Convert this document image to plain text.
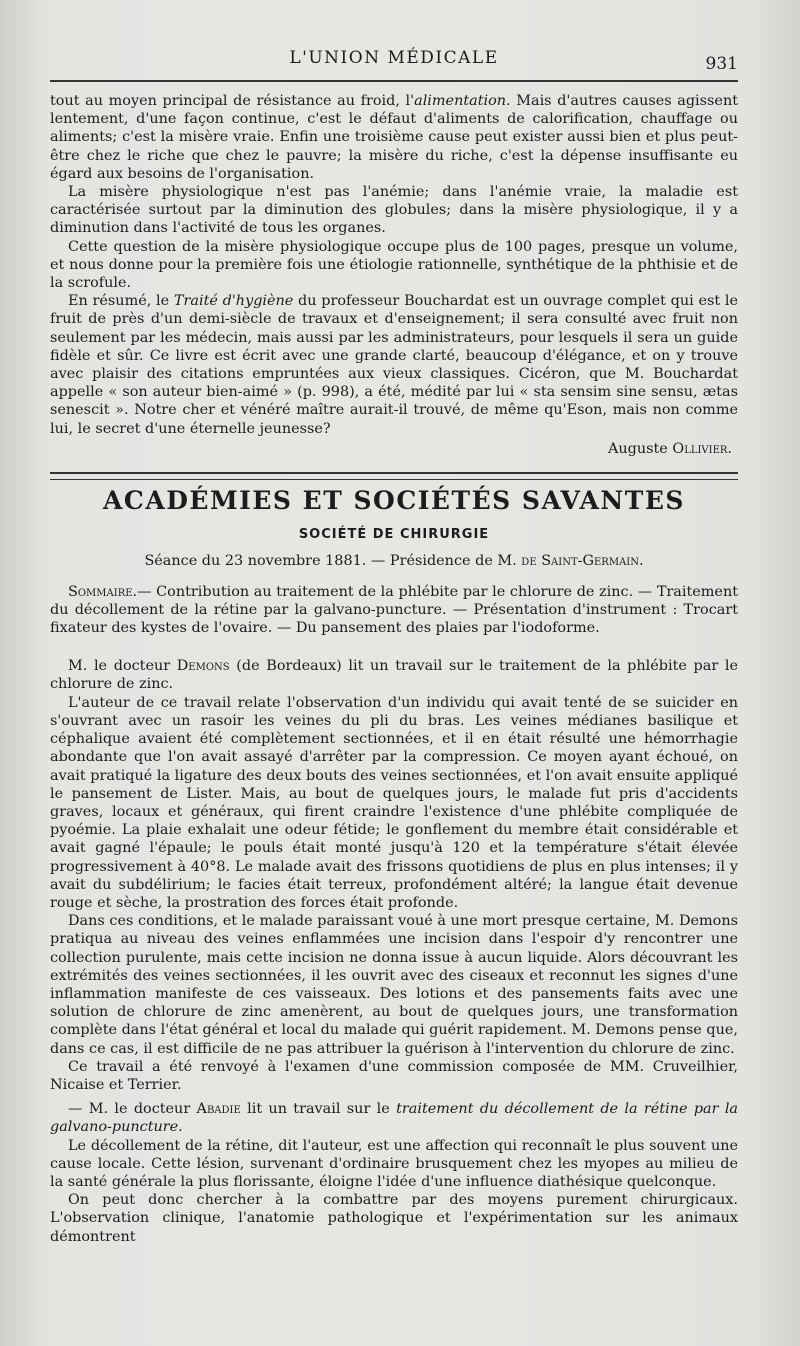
L'UNION MÉDICALE	931

tout au moyen principal de résistance au froid, l'alimentation. Mais d'autres causes agissent lentement, d'une façon continue, c'est le défaut d'aliments de calorification, chauffage ou aliments; c'est la misère vraie. Enfin une troisième cause peut exister aussi bien et plus peut-être chez le riche que chez le pauvre; la misère du riche, c'est la dépense insuffisante eu égard aux besoins de l'organisation.

La misère physiologique n'est pas l'anémie; dans l'anémie vraie, la maladie est caractérisée surtout par la diminution des globules; dans la misère physiologique, il y a diminution dans l'activité de tous les organes.

Cette question de la misère physiologique occupe plus de 100 pages, presque un volume, et nous donne pour la première fois une étiologie rationnelle, synthétique de la phthisie et de la scrofule.

En résumé, le Traité d'hygiène du professeur Bouchardat est un ouvrage complet qui est le fruit de près d'un demi-siècle de travaux et d'enseignement; il sera consulté avec fruit non seulement par les médecin, mais aussi par les administrateurs, pour lesquels il sera un guide fidèle et sûr. Ce livre est écrit avec une grande clarté, beaucoup d'élégance, et on y trouve avec plaisir des citations empruntées aux vieux classiques. Cicéron, que M. Bouchardat appelle « son auteur bien-aimé » (p. 998), a été, médité par lui « sta sensim sine sensu, ætas senescit ». Notre cher et vénéré maître aurait-il trouvé, de même qu'Eson, mais non comme lui, le secret d'une éternelle jeunesse?

Auguste Ollivier.
ACADÉMIES ET SOCIÉTÉS SAVANTES
SOCIÉTÉ DE CHIRURGIE
Séance du 23 novembre 1881. — Présidence de M. de Saint-Germain.

Sommaire.— Contribution au traitement de la phlébite par le chlorure de zinc. — Traitement du décollement de la rétine par la galvano-puncture. — Présentation d'instrument : Trocart fixateur des kystes de l'ovaire. — Du pansement des plaies par l'iodoforme.

M. le docteur Demons (de Bordeaux) lit un travail sur le traitement de la phlébite par le chlorure de zinc.

L'auteur de ce travail relate l'observation d'un individu qui avait tenté de se suicider en s'ouvrant avec un rasoir les veines du pli du bras. Les veines médianes basilique et céphalique avaient été complètement sectionnées, et il en était résulté une hémorrhagie abondante que l'on avait assayé d'arrêter par la compression. Ce moyen ayant échoué, on avait pratiqué la ligature des deux bouts des veines sectionnées, et l'on avait ensuite appliqué le pansement de Lister. Mais, au bout de quelques jours, le malade fut pris d'accidents graves, locaux et généraux, qui firent craindre l'existence d'une phlébite compliquée de pyoémie. La plaie exhalait une odeur fétide; le gonflement du membre était considérable et avait gagné l'épaule; le pouls était monté jusqu'à 120 et la température s'était élevée progressivement à 40°8. Le malade avait des frissons quotidiens de plus en plus intenses; il y avait du subdélirium; le facies était terreux, profondément altéré; la langue était devenue rouge et sèche, la prostration des forces était profonde.

Dans ces conditions, et le malade paraissant voué à une mort presque certaine, M. Demons pratiqua au niveau des veines enflammées une incision dans l'espoir d'y rencontrer une collection purulente, mais cette incision ne donna issue à aucun liquide. Alors découvrant les extrémités des veines sectionnées, il les ouvrit avec des ciseaux et reconnut les signes d'une inflammation manifeste de ces vaisseaux. Des lotions et des pansements faits avec une solution de chlorure de zinc amenèrent, au bout de quelques jours, une transformation complète dans l'état général et local du malade qui guérit rapidement. M. Demons pense que, dans ce cas, il est difficile de ne pas attribuer la guérison à l'intervention du chlorure de zinc.

Ce travail a été renvoyé à l'examen d'une commission composée de MM. Cruveilhier, Nicaise et Terrier.

— M. le docteur Abadie lit un travail sur le traitement du décollement de la rétine par la galvano-puncture.

Le décollement de la rétine, dit l'auteur, est une affection qui reconnaît le plus souvent une cause locale. Cette lésion, survenant d'ordinaire brusquement chez les myopes au milieu de la santé générale la plus florissante, éloigne l'idée d'une influence diathésique quelconque.

On peut donc chercher à la combattre par des moyens purement chirurgicaux. L'observation clinique, l'anatomie pathologique et l'expérimentation sur les animaux démontrent
